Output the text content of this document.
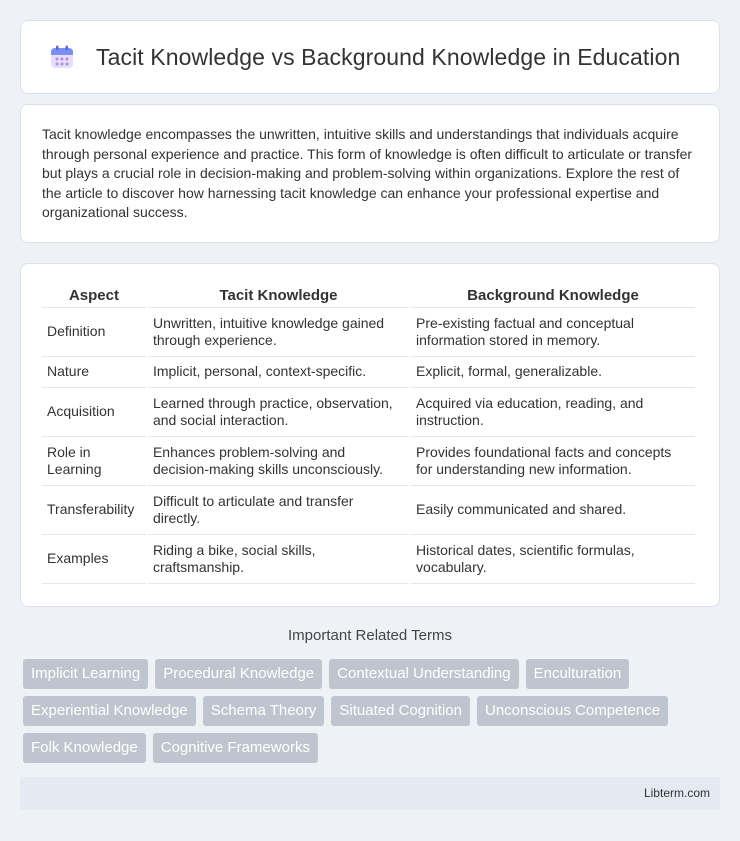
Tacit Knowledge vs Background Knowledge in Education

Tacit knowledge encompasses the unwritten, intuitive skills and understandings that individuals acquire through personal experience and practice. This form of knowledge is often difficult to articulate or transfer but plays a crucial role in decision-making and problem-solving within organizations. Explore the rest of the article to discover how harnessing tacit knowledge can enhance your professional expertise and organizational success.

Aspect	Tacit Knowledge	Background Knowledge
Definition	Unwritten, intuitive knowledge gained through experience.	Pre-existing factual and conceptual information stored in memory.
Nature	Implicit, personal, context-specific.	Explicit, formal, generalizable.
Acquisition	Learned through practice, observation, and social interaction.	Acquired via education, reading, and instruction.
Role in Learning	Enhances problem-solving and decision-making skills unconsciously.	Provides foundational facts and concepts for understanding new information.
Transferability	Difficult to articulate and transfer directly.	Easily communicated and shared.
Examples	Riding a bike, social skills, craftsmanship.	Historical dates, scientific formulas, vocabulary.
Important Related Terms
Implicit Learning	Procedural Knowledge	Contextual Understanding	Enculturation
Experiential Knowledge	Schema Theory	Situated Cognition	Unconscious Competence
Folk Knowledge	Cognitive Frameworks
Libterm.com
